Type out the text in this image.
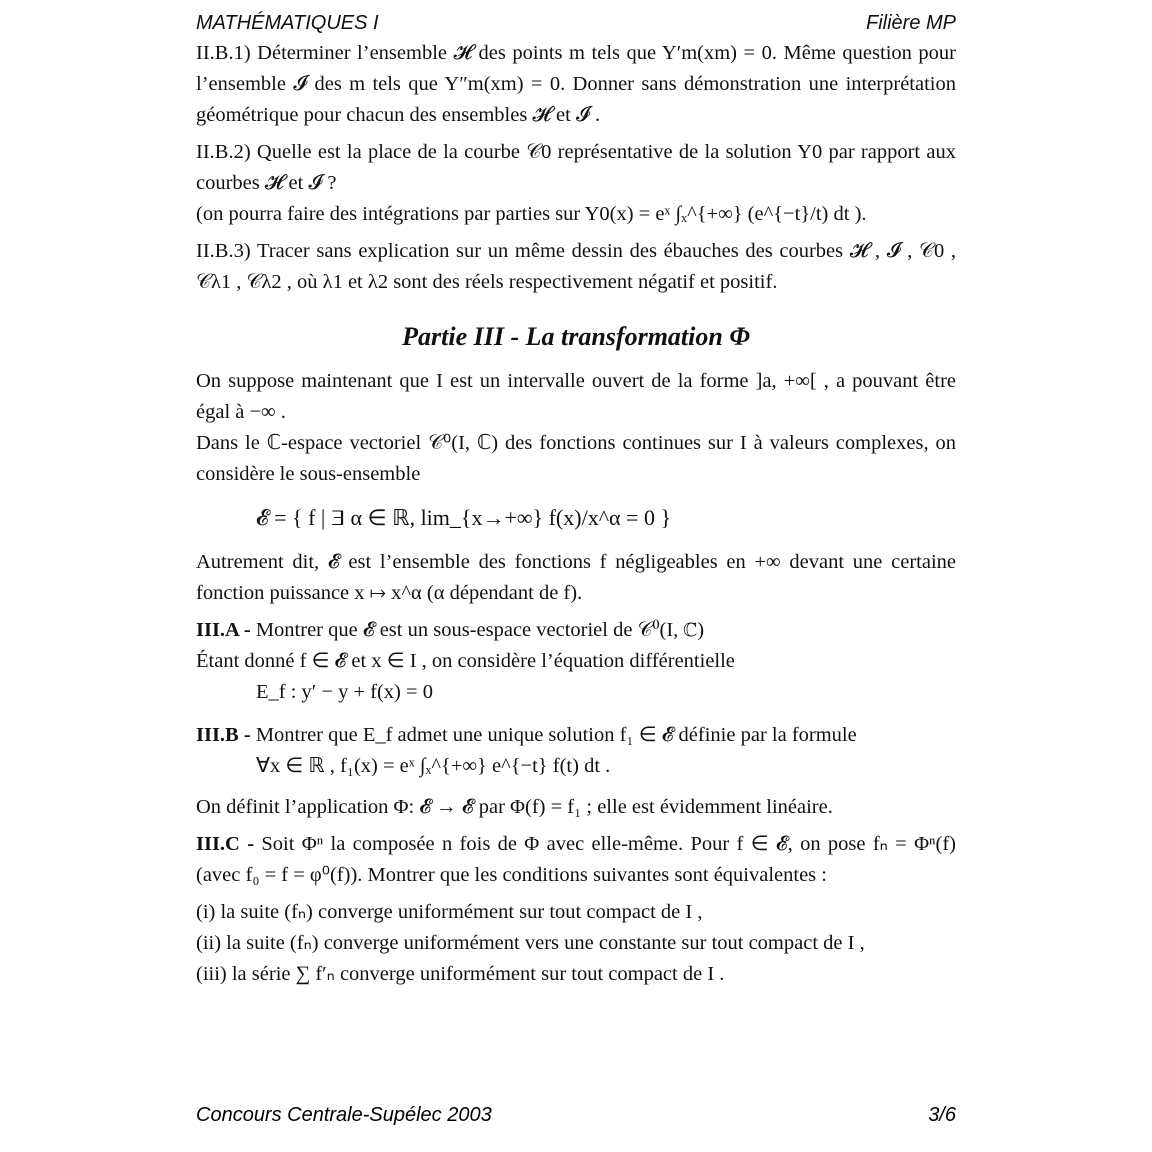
MATHÉMATIQUES I	Filière MP

II.B.1) Déterminer l’ensemble 𝓗 des points m tels que Y′m(xm) = 0. Même question pour l’ensemble 𝓘 des m tels que Y″m(xm) = 0. Donner sans démonstration une interprétation géométrique pour chacun des ensembles 𝓗 et 𝓘 .

II.B.2) Quelle est la place de la courbe 𝒞0 représentative de la solution Y0 par rapport aux courbes 𝓗 et 𝓘 ?

(on pourra faire des intégrations par parties sur Y0(x) = eˣ ∫ₓ^{+∞} (e^{−t}/t) dt ).

II.B.3) Tracer sans explication sur un même dessin des ébauches des courbes 𝓗 , 𝓘 , 𝒞0 , 𝒞λ1 , 𝒞λ2 , où λ1 et λ2 sont des réels respectivement négatif et positif.

Partie III - La transformation Φ

On suppose maintenant que I est un intervalle ouvert de la forme ]a, +∞[ , a pouvant être égal à −∞ .

Dans le ℂ-espace vectoriel 𝒞⁰(I, ℂ) des fonctions continues sur I à valeurs complexes, on considère le sous-ensemble

𝓔 = { f | ∃ α ∈ ℝ, lim_{x→+∞} f(x)/x^α = 0 }

Autrement dit, 𝓔 est l’ensemble des fonctions f négligeables en +∞ devant une certaine fonction puissance x ↦ x^α (α dépendant de f).

III.A - Montrer que 𝓔 est un sous-espace vectoriel de 𝒞⁰(I, ℂ)

Étant donné f ∈ 𝓔 et x ∈ I , on considère l’équation différentielle

E_f : y′ − y + f(x) = 0

III.B - Montrer que E_f admet une unique solution f₁ ∈ 𝓔 définie par la formule

∀x ∈ ℝ , f₁(x) = eˣ ∫ₓ^{+∞} e^{−t} f(t) dt .

On définit l’application Φ: 𝓔 → 𝓔 par Φ(f) = f₁ ; elle est évidemment linéaire.

III.C - Soit Φⁿ la composée n fois de Φ avec elle-même. Pour f ∈ 𝓔, on pose fₙ = Φⁿ(f) (avec f₀ = f = φ⁰(f)). Montrer que les conditions suivantes sont équivalentes :

(i) la suite (fₙ) converge uniformément sur tout compact de I ,

(ii) la suite (fₙ) converge uniformément vers une constante sur tout compact de I ,

(iii) la série ∑ f′ₙ converge uniformément sur tout compact de I .

Concours Centrale-Supélec 2003	3/6
